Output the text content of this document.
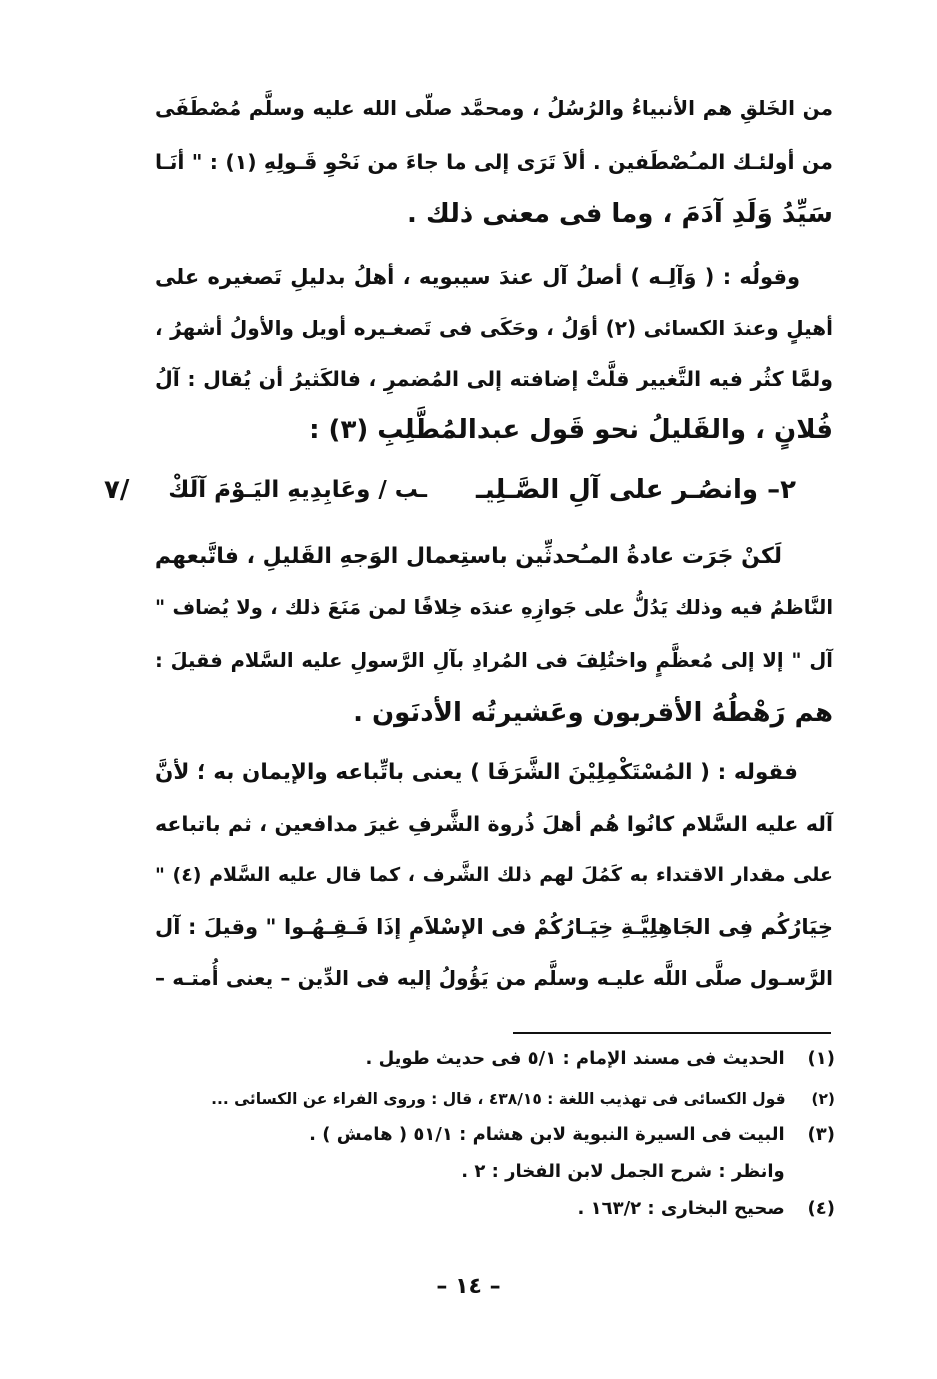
من الخَلقِ هم الأنبياءُ والرُسُلُ ، ومحمَّد صلّى الله عليه وسلَّم مُصْطَفَى
من أولئـك المـُصْطَفين . ألاَ تَرَى إلى ما جاءَ من نَحْوِ قَـولِهِ (١) : " أنَـا
سَيِّدُ وَلَدِ آدَمَ ، وما فى معنى ذلك .
وقولُه : ( وَآلِـه ) أصلُ آل عندَ سيبويه ، أهلُ بدليلِ تَصغيره على
أهيلٍ وعندَ الكسائى (٢) أوَلُ ، وحَكَى فى تَصغـيره أويل والأولُ أشهرُ ،
ولمَّا كثُر فيه التَّغيير قلَّتْ إضافته إلى المُضمرِ ، فالكَثيرُ أن يُقال : آلُ
فُلانٍ ، والقَليلُ نحو قَول عبدالمُطَّلِبِ (٣) :
٢– وانصُـر على آلِ الصَّـلِيـ
ـب / وعَابِدِيهِ اليَـوْمَ آلَكْ
/٧
لَكنْ جَرَت عادةُ المـُحدثِّين باستِعمال الوَجهِ القَليلِ ، فاتَّبعهم
النَّاظمُ فيه وذلك يَدُلُّ على جَوازِهِ عندَه خِلافًا لمن مَنَعَ ذلك ، ولا يُضاف "
آل " إلا إلى مُعظَّمٍ واختُلِفَ فى المُرادِ بآلِ الرَّسولِ عليه السَّلام فقيلَ :
هم رَهْطُهُ الأقربون وعَشيرتُه الأدنَون .
فقوله : ( المُسْتَكْمِلِيْنَ الشَّرَفَا ) يعنى باتِّباعه والإيمان به ؛ لأنَّ
آله عليه السَّلام كانُوا هُم أهلَ ذُروة الشَّرفِ غيرَ مدافعين ، ثم باتباعه
على مقدار الاقتداء به كَمُلَ لهم ذلك الشَّرف ، كما قال عليه السَّلام (٤) "
خِيَارُكُم فِى الجَاهِلِيَّـةِ خِيَـارُكُمْ فى الإسْلاَمِ إذَا فَـقِـهُـوا " وقيلَ : آل
الرَّسـول صلَّى اللَّه عليـه وسلَّم من يَؤُولُ إليه فى الدِّين – يعنى أُمتـه –
(١) الحديث فى مسند الإمام : ٥/١ فى حديث طويل .
(٢) قول الكسائى فى تهذيب اللغة : ٤٣٨/١٥ ، قال : وروى الفراء عن الكسائى ...
(٣) البيت فى السيرة النبوية لابن هشام : ٥١/١ ( هامش ) .
وانظر : شرح الجمل لابن الفخار : ٢ .
(٤) صحيح البخارى : ١٦٣/٢ .
– ١٤ –
